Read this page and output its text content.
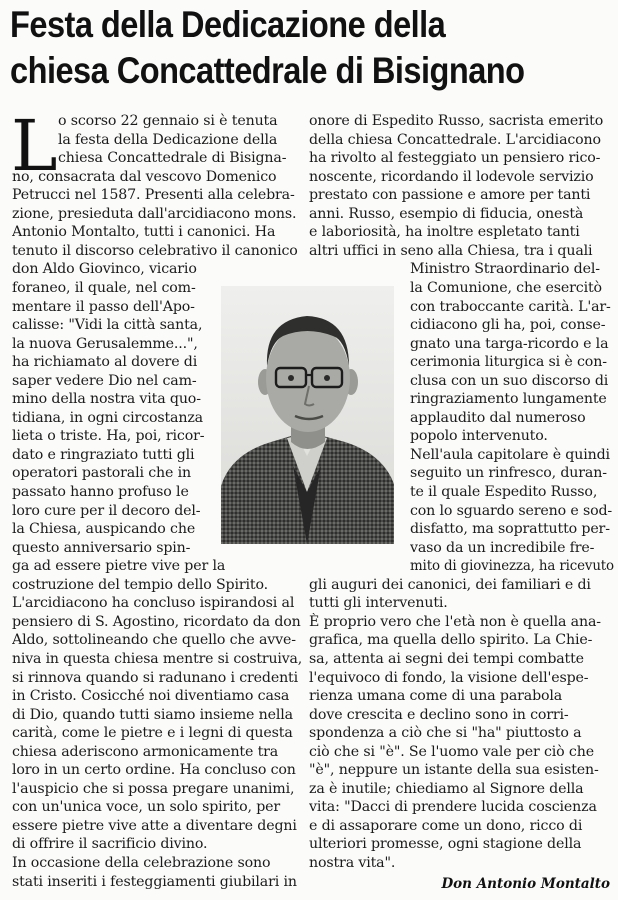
Festa della Dedicazione della
chiesa Concattedrale di Bisignano
L o scorso 22 gennaio si è tenuta
la festa della Dedicazione della
chiesa Concattedrale di Bisigna-
no, consacrata dal vescovo Domenico
Petrucci nel 1587. Presenti alla celebra-
zione, presieduta dall'arcidiacono mons.
Antonio Montalto, tutti i canonici. Ha
tenuto il discorso celebrativo il canonico
don Aldo Giovinco, vicario
foraneo, il quale, nel com-
mentare il passo dell'Apo-
calisse: "Vidi la città santa,
la nuova Gerusalemme...",
ha richiamato al dovere di
saper vedere Dio nel cam-
mino della nostra vita quo-
tidiana, in ogni circostanza
lieta o triste. Ha, poi, ricor-
dato e ringraziato tutti gli
operatori pastorali che in
passato hanno profuso le
loro cure per il decoro del-
la Chiesa, auspicando che
questo anniversario spin-
ga ad essere pietre vive per la
costruzione del tempio dello Spirito.
L'arcidiacono ha concluso ispirandosi al
pensiero di S. Agostino, ricordato da don
Aldo, sottolineando che quello che avve-
niva in questa chiesa mentre si costruiva,
si rinnova quando si radunano i credenti
in Cristo. Cosicché noi diventiamo casa
di Dio, quando tutti siamo insieme nella
carità, come le pietre e i legni di questa
chiesa aderiscono armonicamente tra
loro in un certo ordine. Ha concluso con
l'auspicio che si possa pregare unanimi,
con un'unica voce, un solo spirito, per
essere pietre vive atte a diventare degni
di offrire il sacrificio divino.
In occasione della celebrazione sono
stati inseriti i festeggiamenti giubilari in
onore di Espedito Russo, sacrista emerito
della chiesa Concattedrale. L'arcidiacono
ha rivolto al festeggiato un pensiero rico-
noscente, ricordando il lodevole servizio
prestato con passione e amore per tanti
anni. Russo, esempio di fiducia, onestà
e laboriosità, ha inoltre espletato tanti
altri uffici in seno alla Chiesa, tra i quali
Ministro Straordinario del-
la Comunione, che esercitò
con traboccante carità. L'ar-
cidiacono gli ha, poi, conse-
gnato una targa-ricordo e la
cerimonia liturgica si è con-
clusa con un suo discorso di
ringraziamento lungamente
applaudito dal numeroso
popolo intervenuto.
Nell'aula capitolare è quindi
seguito un rinfresco, duran-
te il quale Espedito Russo,
con lo sguardo sereno e sod-
disfatto, ma soprattutto per-
vaso da un incredibile fre-
mito di giovinezza, ha ricevuto
gli auguri dei canonici, dei familiari e di
tutti gli intervenuti.
È proprio vero che l'età non è quella ana-
grafica, ma quella dello spirito. La Chie-
sa, attenta ai segni dei tempi combatte
l'equivoco di fondo, la visione dell'espe-
rienza umana come di una parabola
dove crescita e declino sono in corri-
spondenza a ciò che si "ha" piuttosto a
ciò che si "è". Se l'uomo vale per ciò che
"è", neppure un istante della sua esisten-
za è inutile; chiediamo al Signore della
vita: "Dacci di prendere lucida coscienza
e di assaporare come un dono, ricco di
ulteriori promesse, ogni stagione della
nostra vita".
Don Antonio Montalto
